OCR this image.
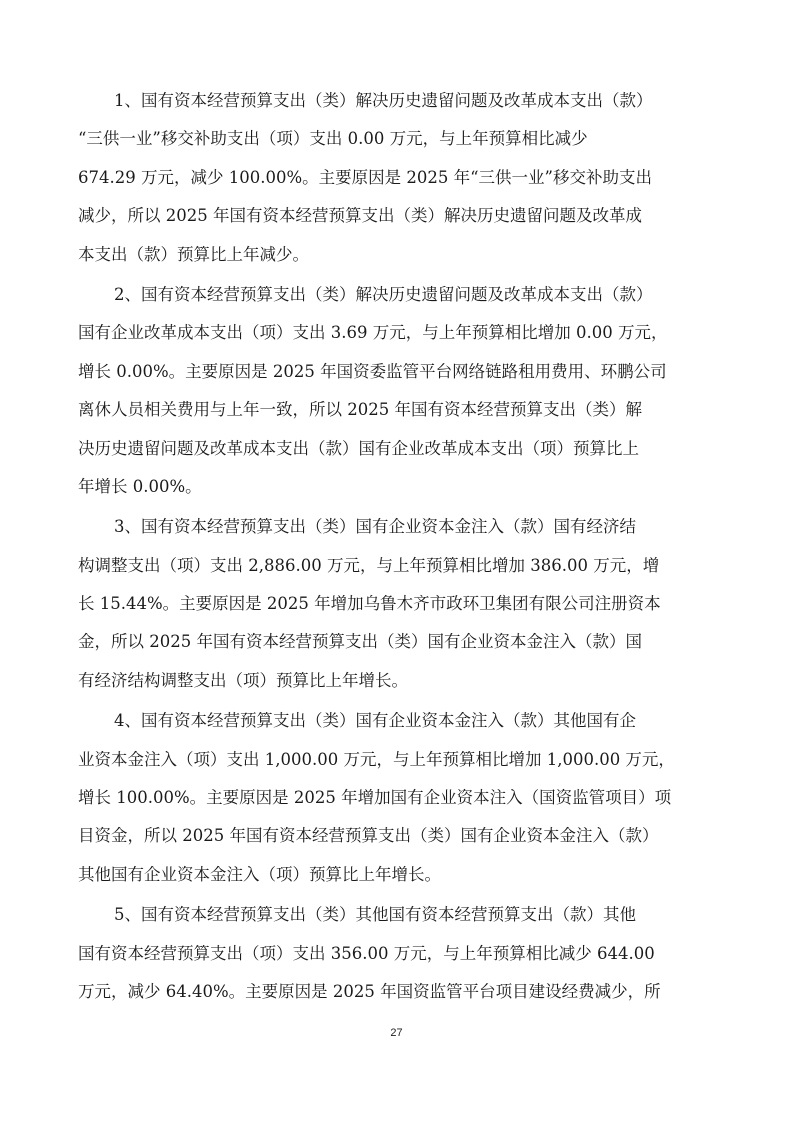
1、国有资本经营预算支出（类）解决历史遗留问题及改革成本支出（款）
“三供一业”移交补助支出（项）支出 0.00 万元，与上年预算相比减少
674.29 万元，减少 100.00%。主要原因是 2025 年“三供一业”移交补助支出
减少，所以 2025 年国有资本经营预算支出（类）解决历史遗留问题及改革成
本支出（款）预算比上年减少。
2、国有资本经营预算支出（类）解决历史遗留问题及改革成本支出（款）
国有企业改革成本支出（项）支出 3.69 万元，与上年预算相比增加 0.00 万元，
增长 0.00%。主要原因是 2025 年国资委监管平台网络链路租用费用、环鹏公司
离休人员相关费用与上年一致，所以 2025 年国有资本经营预算支出（类）解
决历史遗留问题及改革成本支出（款）国有企业改革成本支出（项）预算比上
年增长 0.00%。
3、国有资本经营预算支出（类）国有企业资本金注入（款）国有经济结
构调整支出（项）支出 2,886.00 万元，与上年预算相比增加 386.00 万元，增
长 15.44%。主要原因是 2025 年增加乌鲁木齐市政环卫集团有限公司注册资本
金，所以 2025 年国有资本经营预算支出（类）国有企业资本金注入（款）国
有经济结构调整支出（项）预算比上年增长。
4、国有资本经营预算支出（类）国有企业资本金注入（款）其他国有企
业资本金注入（项）支出 1,000.00 万元，与上年预算相比增加 1,000.00 万元，
增长 100.00%。主要原因是 2025 年增加国有企业资本注入（国资监管项目）项
目资金，所以 2025 年国有资本经营预算支出（类）国有企业资本金注入（款）
其他国有企业资本金注入（项）预算比上年增长。
5、国有资本经营预算支出（类）其他国有资本经营预算支出（款）其他
国有资本经营预算支出（项）支出 356.00 万元，与上年预算相比减少 644.00
万元，减少 64.40%。主要原因是 2025 年国资监管平台项目建设经费减少，所
27
